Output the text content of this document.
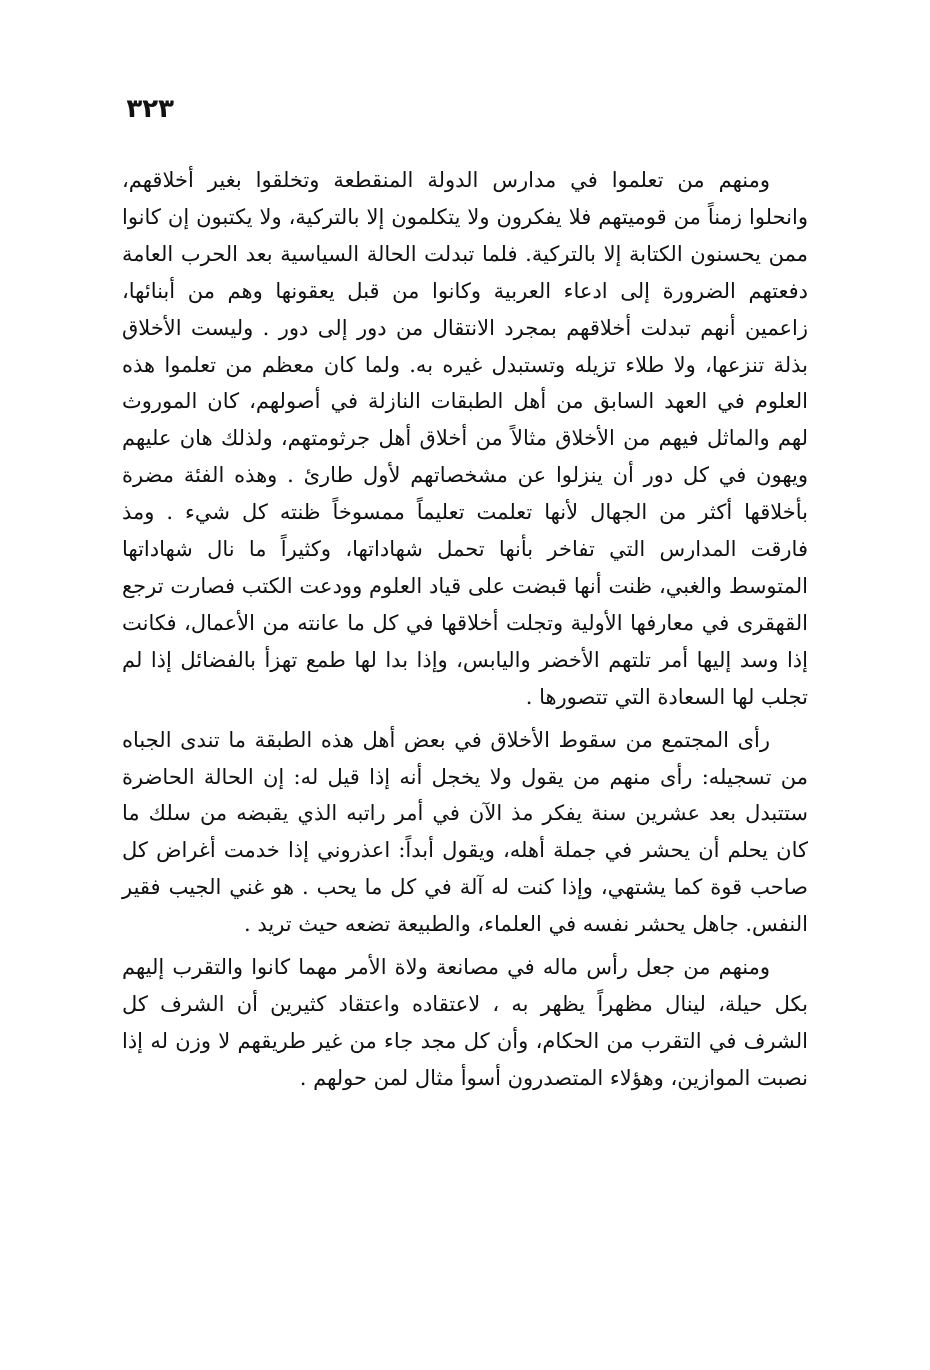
٣٢٣

ومنهم من تعلموا في مدارس الدولة المنقطعة وتخلقوا بغير أخلاقهم، وانحلوا زمناً من قوميتهم فلا يفكرون ولا يتكلمون إلا بالتركية، ولا يكتبون إن كانوا ممن يحسنون الكتابة إلا بالتركية. فلما تبدلت الحالة السياسية بعد الحرب العامة دفعتهم الضرورة إلى ادعاء العربية وكانوا من قبل يعقونها وهم من أبنائها، زاعمين أنهم تبدلت أخلاقهم بمجرد الانتقال من دور إلى دور . وليست الأخلاق بذلة تنزعها، ولا طلاء تزيله وتستبدل غيره به. ولما كان معظم من تعلموا هذه العلوم في العهد السابق من أهل الطبقات النازلة في أصولهم، كان الموروث لهم والماثل فيهم من الأخلاق مثالاً من أخلاق أهل جرثومتهم، ولذلك هان عليهم ويهون في كل دور أن ينزلوا عن مشخصاتهم لأول طارئ . وهذه الفئة مضرة بأخلاقها أكثر من الجهال لأنها تعلمت تعليماً ممسوخاً ظنته كل شيء . ومذ فارقت المدارس التي تفاخر بأنها تحمل شهاداتها، وكثيراً ما نال شهاداتها المتوسط والغبي، ظنت أنها قبضت على قياد العلوم وودعت الكتب فصارت ترجع القهقرى في معارفها الأولية وتجلت أخلاقها في كل ما عانته من الأعمال، فكانت إذا وسد إليها أمر تلتهم الأخضر واليابس، وإذا بدا لها طمع تهزأ بالفضائل إذا لم تجلب لها السعادة التي تتصورها .

رأى المجتمع من سقوط الأخلاق في بعض أهل هذه الطبقة ما تندى الجباه من تسجيله: رأى منهم من يقول ولا يخجل أنه إذا قيل له: إن الحالة الحاضرة ستتبدل بعد عشرين سنة يفكر مذ الآن في أمر راتبه الذي يقبضه من سلك ما كان يحلم أن يحشر في جملة أهله، ويقول أبداً: اعذروني إذا خدمت أغراض كل صاحب قوة كما يشتهي، وإذا كنت له آلة في كل ما يحب . هو غني الجيب فقير النفس. جاهل يحشر نفسه في العلماء، والطبيعة تضعه حيث تريد .

ومنهم من جعل رأس ماله في مصانعة ولاة الأمر مهما كانوا والتقرب إليهم بكل حيلة، لينال مظهراً يظهر به ، لاعتقاده واعتقاد كثيرين أن الشرف كل الشرف في التقرب من الحكام، وأن كل مجد جاء من غير طريقهم لا وزن له إذا نصبت الموازين، وهؤلاء المتصدرون أسوأ مثال لمن حولهم .
